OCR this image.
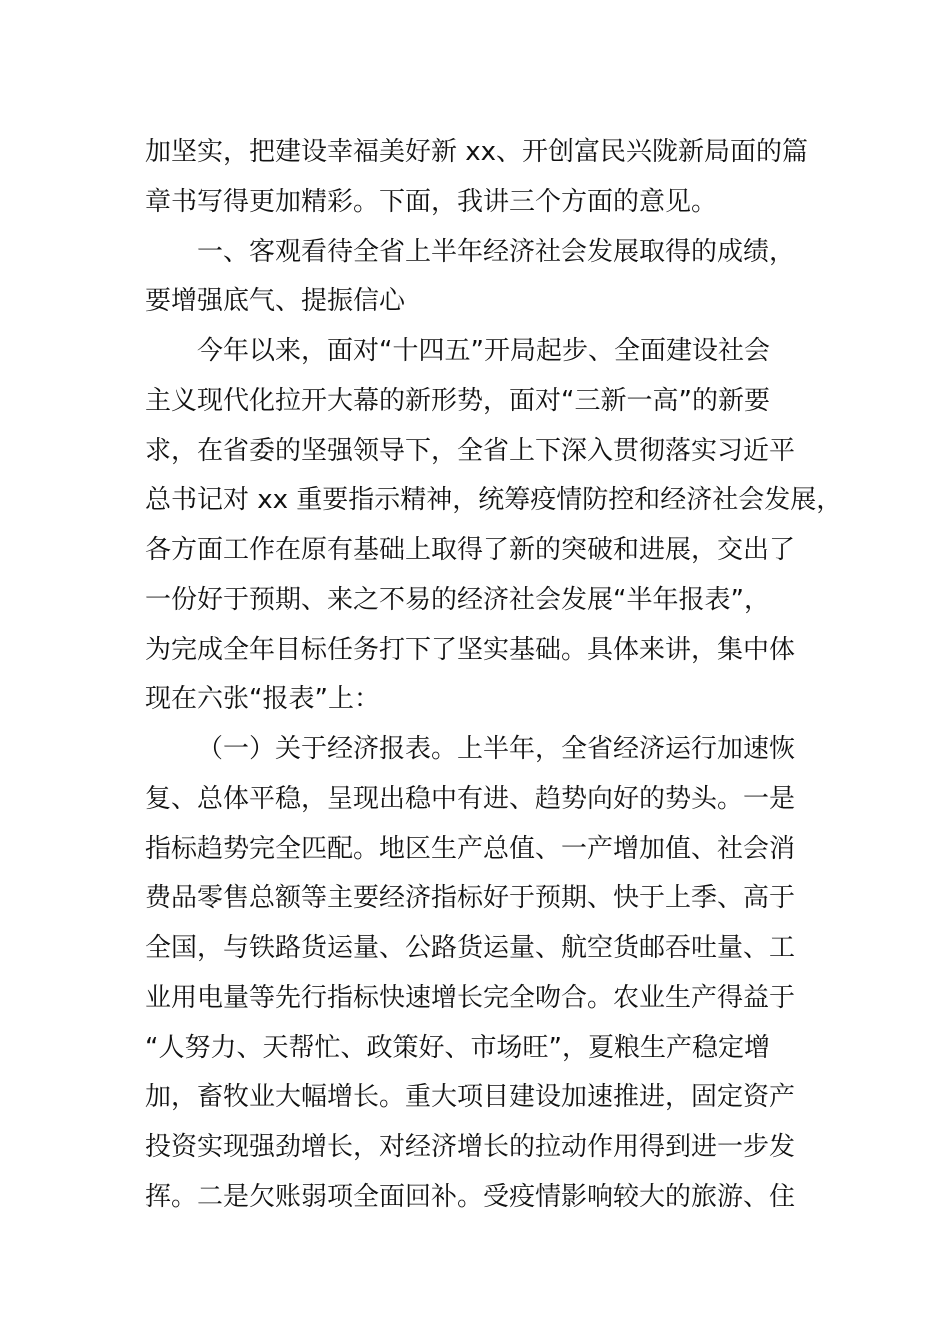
加坚实，把建设幸福美好新 xx、开创富民兴陇新局面的篇
章书写得更加精彩。下面，我讲三个方面的意见。
一、客观看待全省上半年经济社会发展取得的成绩，
要增强底气、提振信心
今年以来，面对“十四五”开局起步、全面建设社会
主义现代化拉开大幕的新形势，面对“三新一高”的新要
求，在省委的坚强领导下，全省上下深入贯彻落实习近平
总书记对 xx 重要指示精神，统筹疫情防控和经济社会发展，
各方面工作在原有基础上取得了新的突破和进展，交出了
一份好于预期、来之不易的经济社会发展“半年报表”，
为完成全年目标任务打下了坚实基础。具体来讲，集中体
现在六张“报表”上：
（一）关于经济报表。上半年，全省经济运行加速恢
复、总体平稳，呈现出稳中有进、趋势向好的势头。一是
指标趋势完全匹配。地区生产总值、一产增加值、社会消
费品零售总额等主要经济指标好于预期、快于上季、高于
全国，与铁路货运量、公路货运量、航空货邮吞吐量、工
业用电量等先行指标快速增长完全吻合。农业生产得益于
“人努力、天帮忙、政策好、市场旺”，夏粮生产稳定增
加，畜牧业大幅增长。重大项目建设加速推进，固定资产
投资实现强劲增长，对经济增长的拉动作用得到进一步发
挥。二是欠账弱项全面回补。受疫情影响较大的旅游、住
